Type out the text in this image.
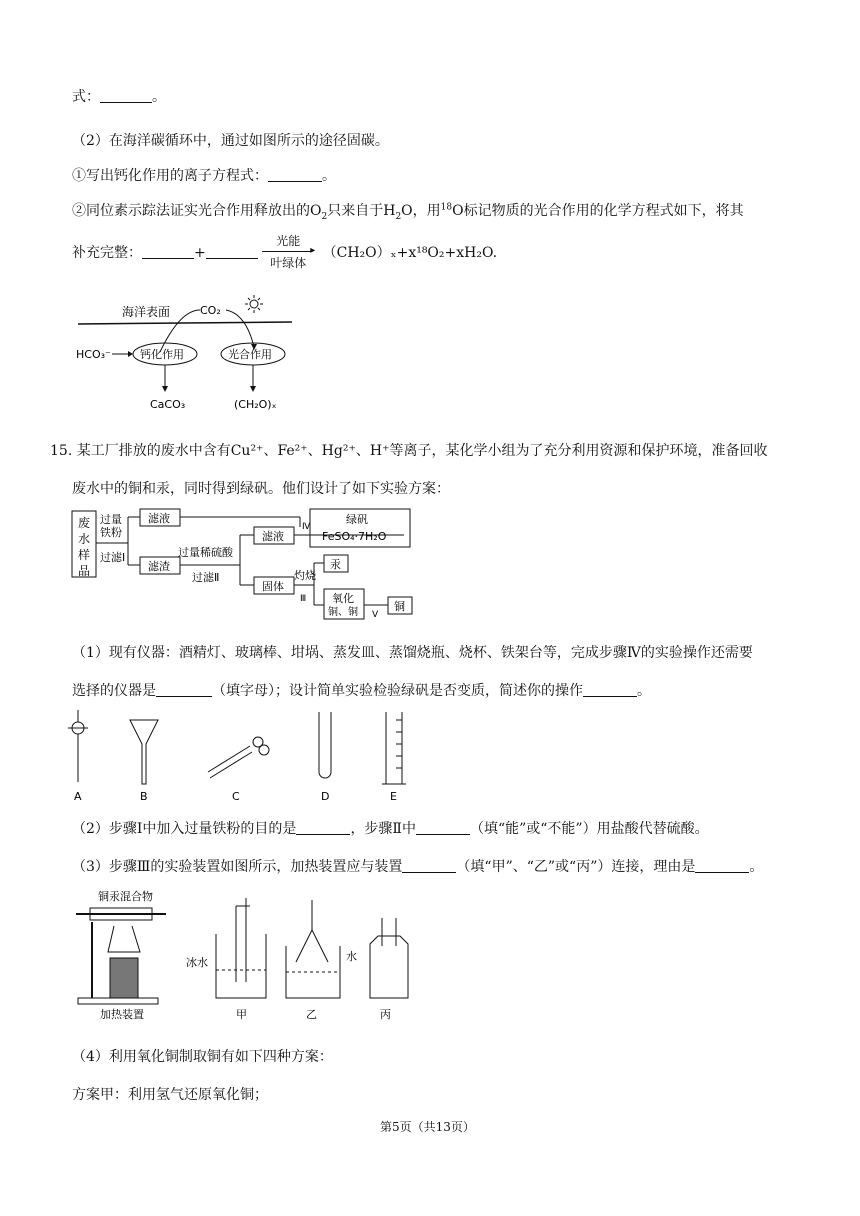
式：	。
（2）在海洋碳循环中，通过如图所示的途径固碳。
①写出钙化作用的离子方程式：	。
②同位素示踪法证实光合作用释放出的$O_2$只来自于$H_2O$，用$^{18}$O标记物质的光合作用的化学方程式如下，将其
补充完整：	+
光能
▸
叶绿体
（CH₂O）ₓ+x¹⁸O₂+xH₂O.
海洋表面	CO₂
HCO₃⁻	钙化作用	光合作用
CaCO₃	(CH₂O)ₓ
15. 某工厂排放的废水中含有Cu²⁺、Fe²⁺、Hg²⁺、H⁺等离子，某化学小组为了充分利用资源和保护环境，准备回收
废水中的铜和汞，同时得到绿矾。他们设计了如下实验方案：
废
水
样
品
过量
铁粉
过滤Ⅰ
滤液
滤渣
过量稀硫酸
过滤Ⅱ
滤液
Ⅳ
绿矾
FeSO₄·7H₂O
固体
灼烧
Ⅲ
汞
氧化
铜、铜 Ⅴ
铜
（1）现有仪器：酒精灯、玻璃棒、坩埚、蒸发皿、蒸馏烧瓶、烧杯、铁架台等，完成步骤Ⅳ的实验操作还需要
选择的仪器是	（填字母）；设计简单实验检验绿矾是否变质，简述你的操作	。
A	B	C	D	E
（2）步骤Ⅰ中加入过量铁粉的目的是	，步骤Ⅱ中	（填“能”或“不能”）用盐酸代替硫酸。
（3）步骤Ⅲ的实验装置如图所示，加热装置应与装置	（填“甲”、“乙”或“丙”）连接，理由是	。
铜汞混合物
加热装置
冰水
甲
水
乙	丙
（4）利用氧化铜制取铜有如下四种方案：
方案甲：利用氢气还原氧化铜；
第5页（共13页）
